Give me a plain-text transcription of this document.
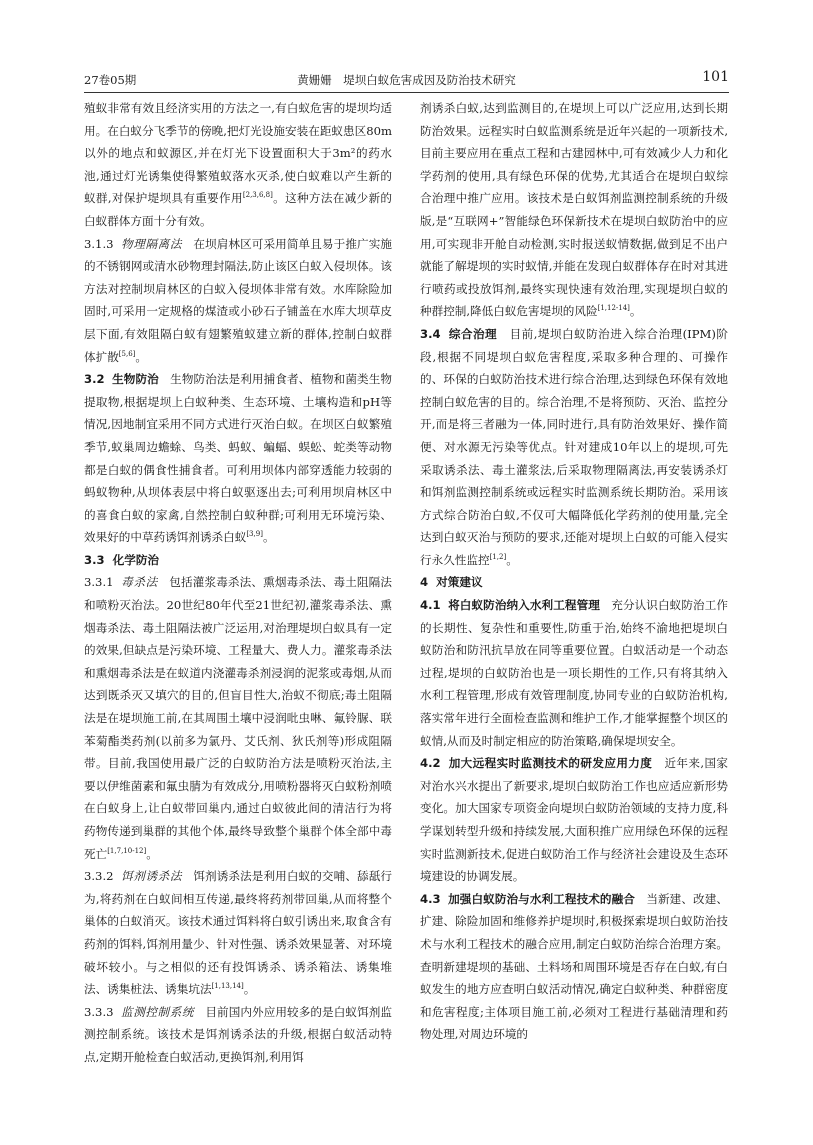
27卷05期	黄姗姗　堤坝白蚁危害成因及防治技术研究	101

殖蚁非常有效且经济实用的方法之一,有白蚁危害的堤坝均适用。在白蚁分飞季节的傍晚,把灯光设施安装在距蚁患区80m以外的地点和蚁源区,并在灯光下设置面积大于3m²的药水池,通过灯光诱集使得繁殖蚁落水灭杀,使白蚁难以产生新的蚁群,对保护堤坝具有重要作用[2,3,6,8]。这种方法在减少新的白蚁群体方面十分有效。

3.1.3 物理隔离法 在坝肩林区可采用简单且易于推广实施的不锈钢网或清水砂物理封隔法,防止该区白蚁入侵坝体。该方法对控制坝肩林区的白蚁入侵坝体非常有效。水库除险加固时,可采用一定规格的煤渣或小砂石子铺盖在水库大坝草皮层下面,有效阻隔白蚁有翅繁殖蚁建立新的群体,控制白蚁群体扩散[5,6]。

3.2 生物防治 生物防治法是利用捕食者、植物和菌类生物提取物,根据堤坝上白蚁种类、生态环境、土壤构造和pH等情况,因地制宜采用不同方式进行灭治白蚁。在坝区白蚁繁殖季节,蚁巢周边蟾蜍、鸟类、蚂蚁、蝙蝠、蜈蚣、蛇类等动物都是白蚁的偶食性捕食者。可利用坝体内部穿透能力较弱的蚂蚁物种,从坝体表层中将白蚁驱逐出去;可利用坝肩林区中的喜食白蚁的家禽,自然控制白蚁种群;可利用无环境污染、效果好的中草药诱饵剂诱杀白蚁[3,9]。

3.3 化学防治

3.3.1 毒杀法 包括灌浆毒杀法、熏烟毒杀法、毒土阻隔法和喷粉灭治法。20世纪80年代至21世纪初,灌浆毒杀法、熏烟毒杀法、毒土阻隔法被广泛运用,对治理堤坝白蚁具有一定的效果,但缺点是污染环境、工程量大、费人力。灌浆毒杀法和熏烟毒杀法是在蚁道内浇灌毒杀剂浸润的泥浆或毒烟,从而达到既杀灭又填穴的目的,但盲目性大,治蚁不彻底;毒土阻隔法是在堤坝施工前,在其周围土壤中浸润吡虫啉、氟铃脲、联苯菊酯类药剂(以前多为氯丹、艾氏剂、狄氏剂等)形成阻隔带。目前,我国使用最广泛的白蚁防治方法是喷粉灭治法,主要以伊维菌素和氟虫腈为有效成分,用喷粉器将灭白蚁粉剂喷在白蚁身上,让白蚁带回巢内,通过白蚁彼此间的清洁行为将药物传递到巢群的其他个体,最终导致整个巢群个体全部中毒死亡[1,7,10-12]。

3.3.2 饵剂诱杀法 饵剂诱杀法是利用白蚁的交哺、舔舐行为,将药剂在白蚁间相互传递,最终将药剂带回巢,从而将整个巢体的白蚁消灭。该技术通过饵料将白蚁引诱出来,取食含有药剂的饵料,饵剂用量少、针对性强、诱杀效果显著、对环境破坏较小。与之相似的还有投饵诱杀、诱杀箱法、诱集堆法、诱集桩法、诱集坑法[1,13,14]。

3.3.3 监测控制系统 目前国内外应用较多的是白蚁饵剂监测控制系统。该技术是饵剂诱杀法的升级,根据白蚁活动特点,定期开舱检查白蚁活动,更换饵剂,利用饵

剂诱杀白蚁,达到监测目的,在堤坝上可以广泛应用,达到长期防治效果。远程实时白蚁监测系统是近年兴起的一项新技术,目前主要应用在重点工程和古建园林中,可有效减少人力和化学药剂的使用,具有绿色环保的优势,尤其适合在堤坝白蚁综合治理中推广应用。该技术是白蚁饵剂监测控制系统的升级版,是“互联网+”智能绿色环保新技术在堤坝白蚁防治中的应用,可实现非开舱自动检测,实时报送蚁情数据,做到足不出户就能了解堤坝的实时蚁情,并能在发现白蚁群体存在时对其进行喷药或投放饵剂,最终实现快速有效治理,实现堤坝白蚁的种群控制,降低白蚁危害堤坝的风险[1,12-14]。

3.4 综合治理 目前,堤坝白蚁防治进入综合治理(IPM)阶段,根据不同堤坝白蚁危害程度,采取多种合理的、可操作的、环保的白蚁防治技术进行综合治理,达到绿色环保有效地控制白蚁危害的目的。综合治理,不是将预防、灭治、监控分开,而是将三者融为一体,同时进行,具有防治效果好、操作简便、对水源无污染等优点。针对建成10年以上的堤坝,可先采取诱杀法、毒土灌浆法,后采取物理隔离法,再安装诱杀灯和饵剂监测控制系统或远程实时监测系统长期防治。采用该方式综合防治白蚁,不仅可大幅降低化学药剂的使用量,完全达到白蚁灭治与预防的要求,还能对堤坝上白蚁的可能入侵实行永久性监控[1,2]。

4 对策建议

4.1 将白蚁防治纳入水利工程管理 充分认识白蚁防治工作的长期性、复杂性和重要性,防重于治,始终不渝地把堤坝白蚁防治和防汛抗旱放在同等重要位置。白蚁活动是一个动态过程,堤坝的白蚁防治也是一项长期性的工作,只有将其纳入水利工程管理,形成有效管理制度,协同专业的白蚁防治机构,落实常年进行全面检查监测和维护工作,才能掌握整个坝区的蚁情,从而及时制定相应的防治策略,确保堤坝安全。

4.2 加大远程实时监测技术的研发应用力度 近年来,国家对治水兴水提出了新要求,堤坝白蚁防治工作也应适应新形势变化。加大国家专项资金向堤坝白蚁防治领域的支持力度,科学谋划转型升级和持续发展,大面积推广应用绿色环保的远程实时监测新技术,促进白蚁防治工作与经济社会建设及生态环境建设的协调发展。

4.3 加强白蚁防治与水利工程技术的融合 当新建、改建、扩建、除险加固和维修养护堤坝时,积极探索堤坝白蚁防治技术与水利工程技术的融合应用,制定白蚁防治综合治理方案。查明新建堤坝的基础、土料场和周围环境是否存在白蚁,有白蚁发生的地方应查明白蚁活动情况,确定白蚁种类、种群密度和危害程度;主体项目施工前,必须对工程进行基础清理和药物处理,对周边环境的
